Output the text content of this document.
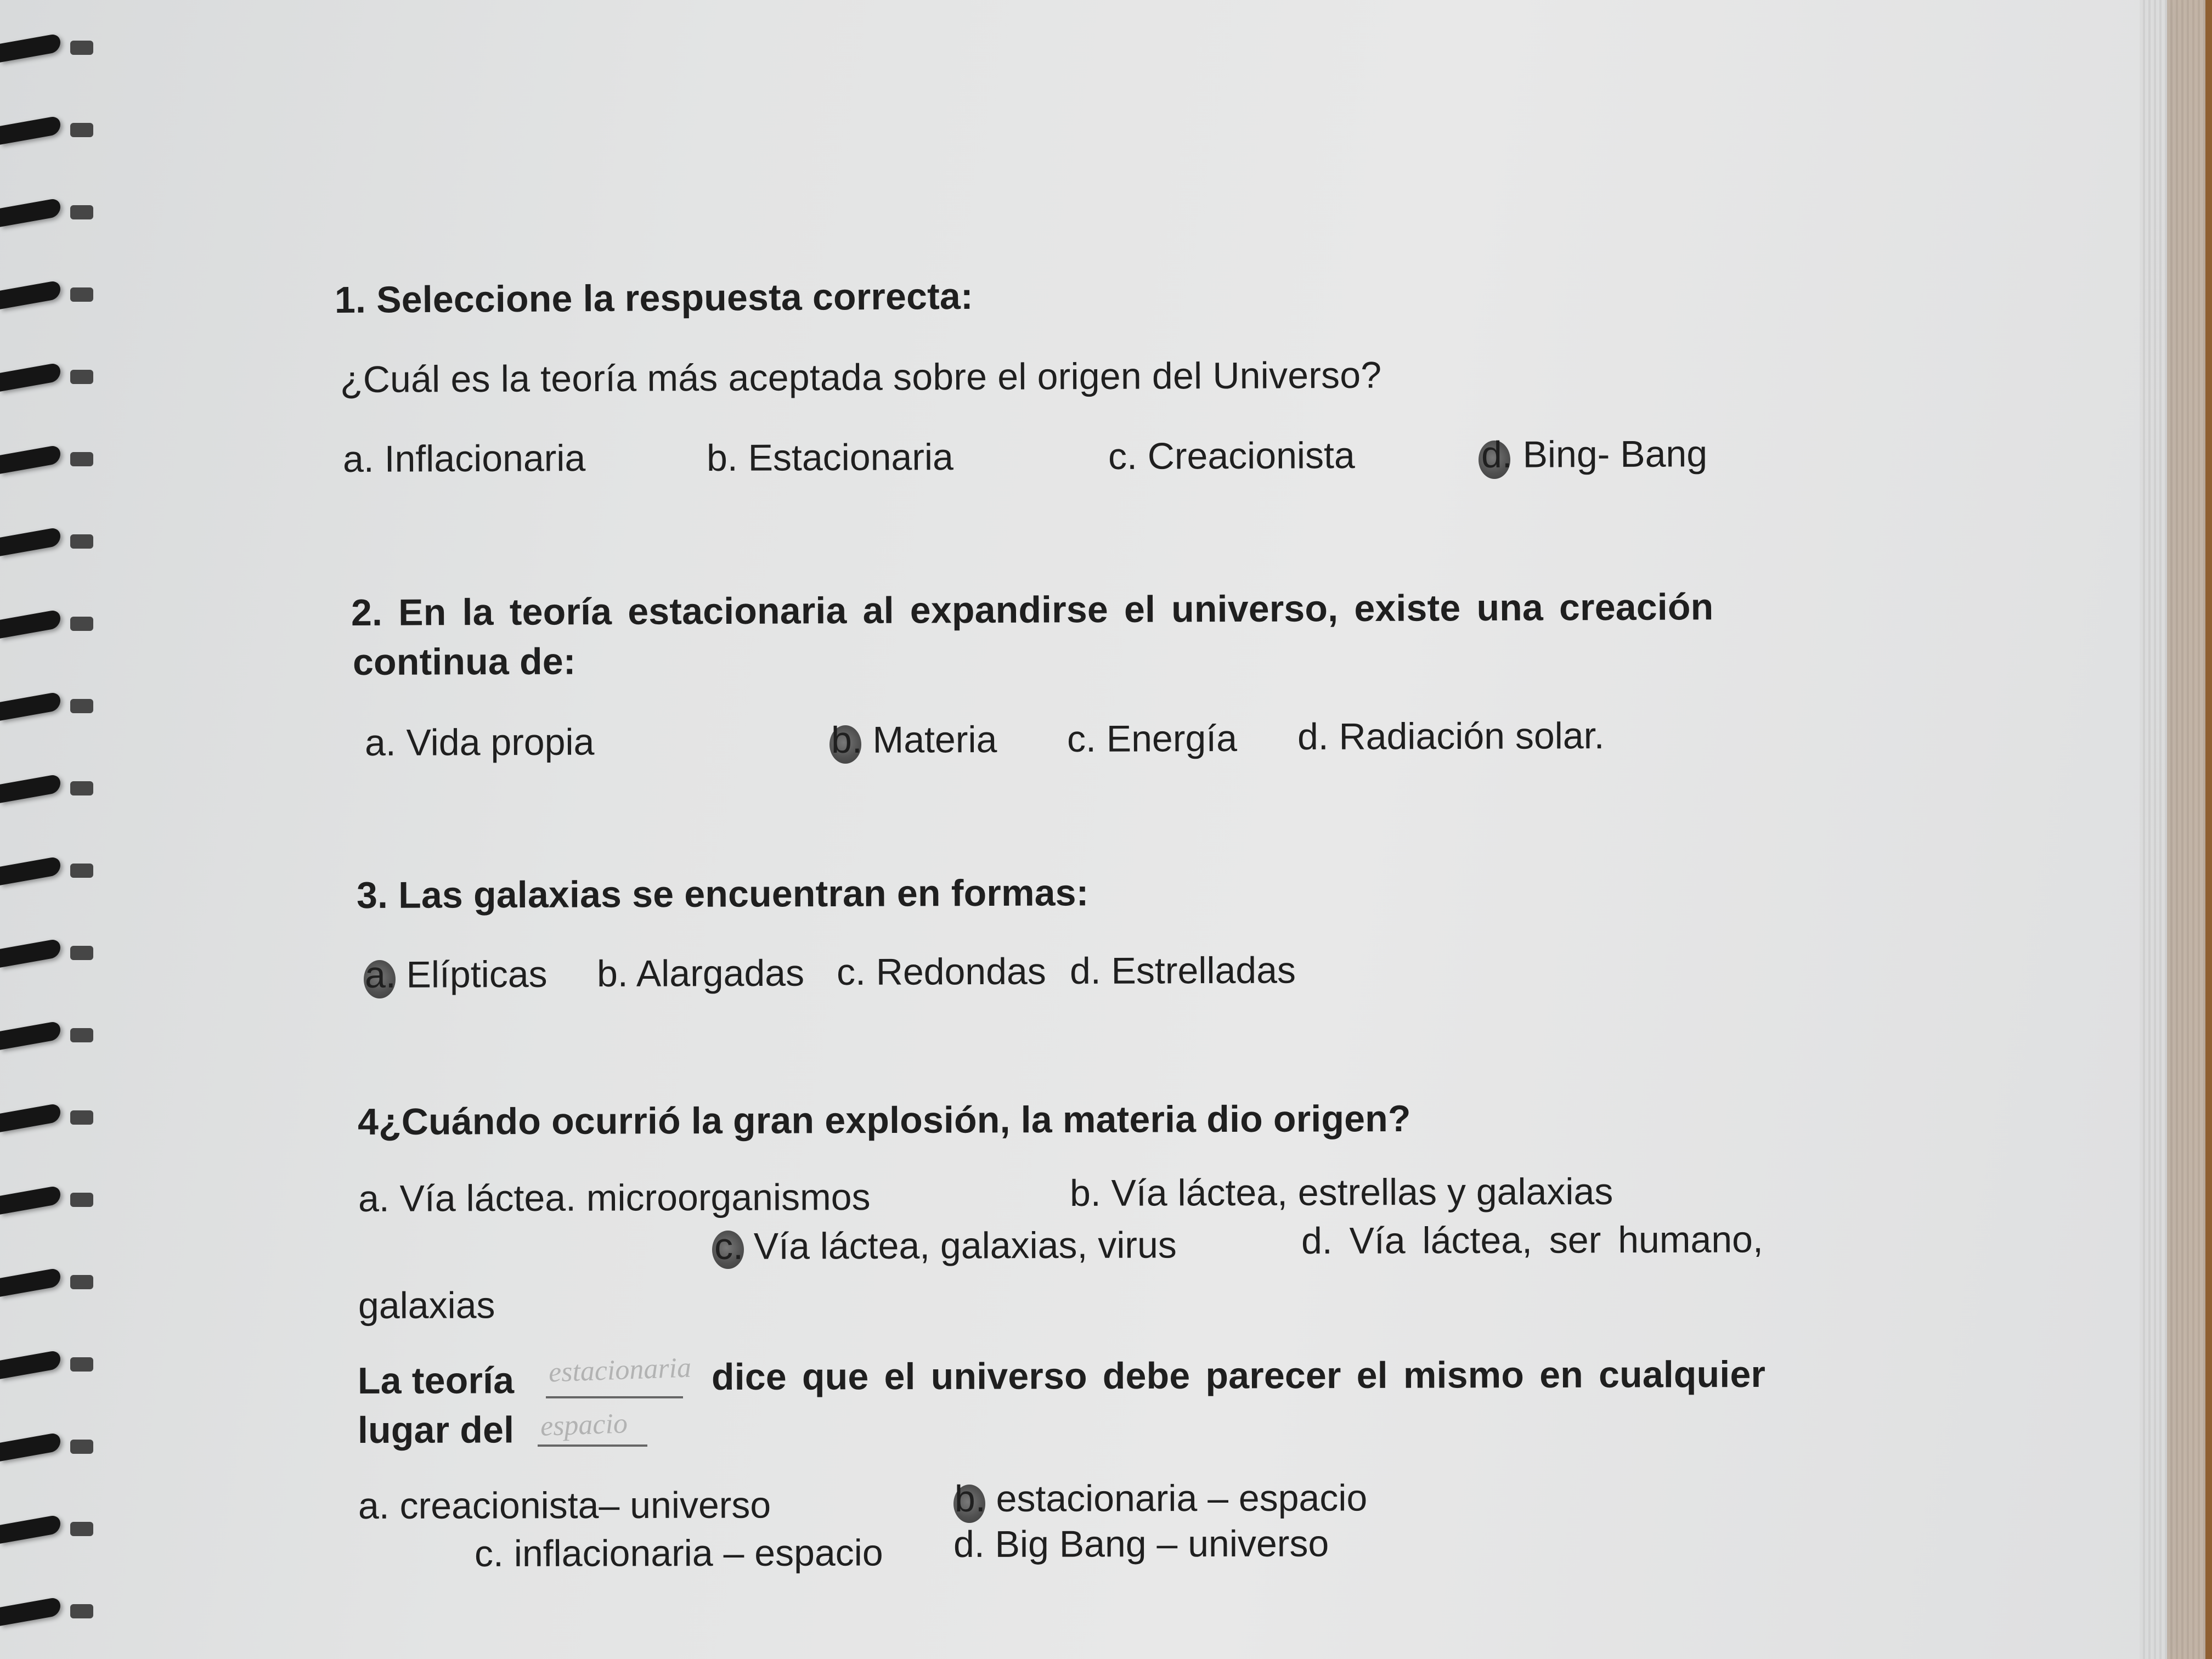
1. Seleccione la respuesta correcta:
¿Cuál es la teoría más aceptada sobre el origen del Universo?
a. Inflacionaria	b. Estacionaria	c. Creacionista	d. Bing- Bang
2. En la teoría estacionaria al expandirse el universo, existe una creación
continua de:
a. Vida propia	b. Materia c. Energía d. Radiación solar.
3. Las galaxias se encuentran en formas:
a. Elípticas b. Alargadas c. Redondas d. Estrelladas
4¿Cuándo ocurrió la gran explosión, la materia dio origen?
a. Vía láctea. microorganismos	b. Vía láctea, estrellas y galaxias
c. Vía láctea, galaxias, virus	d. Vía láctea, ser humano,
galaxias
La teoría estacionaria dice que el universo debe parecer el mismo en cualquier
lugar del espacio
a. creacionista– universo	b. estacionaria – espacio
c. inflacionaria – espacio d. Big Bang – universo
